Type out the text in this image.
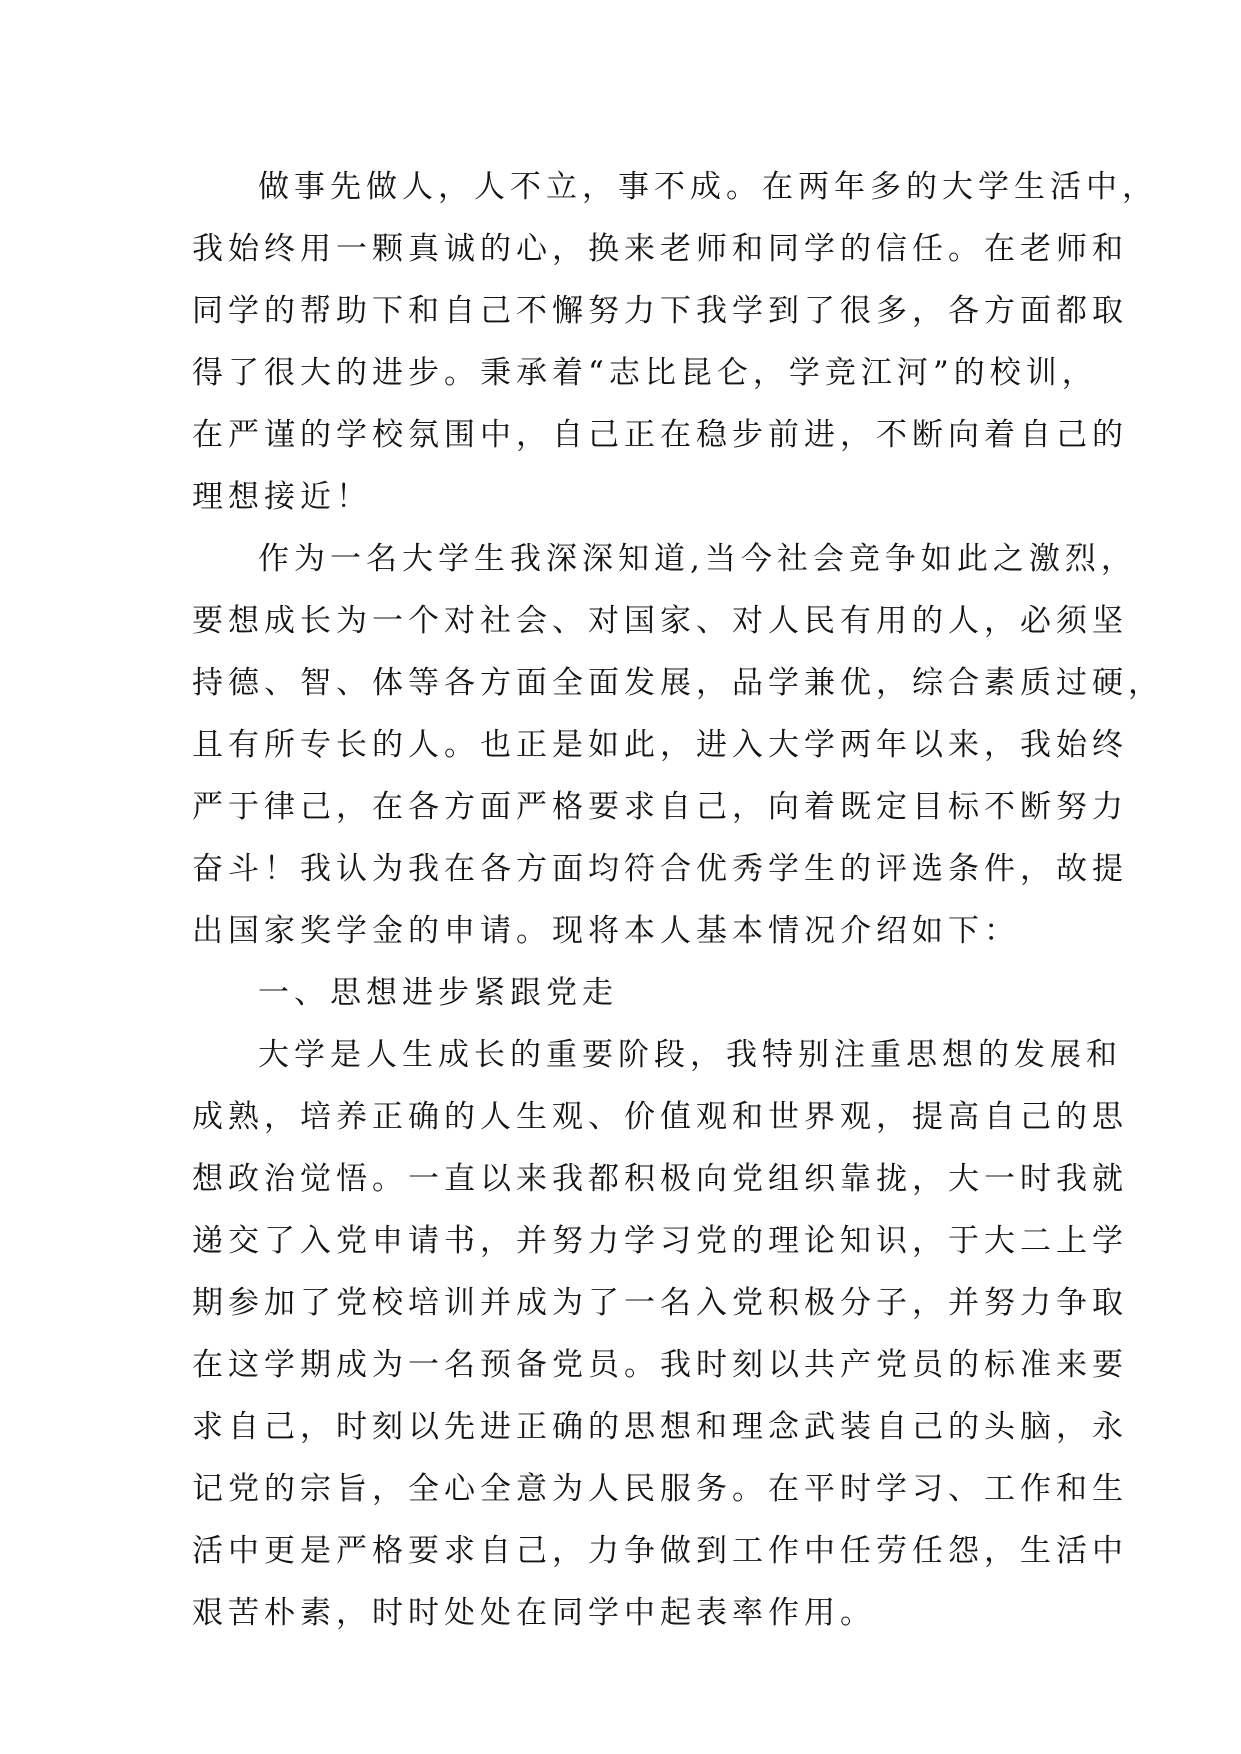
做事先做人，人不立，事不成。在两年多的大学生活中，
我始终用一颗真诚的心，换来老师和同学的信任。在老师和
同学的帮助下和自己不懈努力下我学到了很多，各方面都取
得了很大的进步。秉承着“志比昆仑，学竞江河”的校训，
在严谨的学校氛围中，自己正在稳步前进，不断向着自己的
理想接近！
作为一名大学生我深深知道,当今社会竞争如此之激烈，
要想成长为一个对社会、对国家、对人民有用的人，必须坚
持德、智、体等各方面全面发展，品学兼优，综合素质过硬，
且有所专长的人。也正是如此，进入大学两年以来，我始终
严于律己，在各方面严格要求自己，向着既定目标不断努力
奋斗！我认为我在各方面均符合优秀学生的评选条件，故提
出国家奖学金的申请。现将本人基本情况介绍如下：
一、思想进步紧跟党走
大学是人生成长的重要阶段，我特别注重思想的发展和
成熟，培养正确的人生观、价值观和世界观，提高自己的思
想政治觉悟。一直以来我都积极向党组织靠拢，大一时我就
递交了入党申请书，并努力学习党的理论知识，于大二上学
期参加了党校培训并成为了一名入党积极分子，并努力争取
在这学期成为一名预备党员。我时刻以共产党员的标准来要
求自己，时刻以先进正确的思想和理念武装自己的头脑，永
记党的宗旨，全心全意为人民服务。在平时学习、工作和生
活中更是严格要求自己，力争做到工作中任劳任怨，生活中
艰苦朴素，时时处处在同学中起表率作用。
